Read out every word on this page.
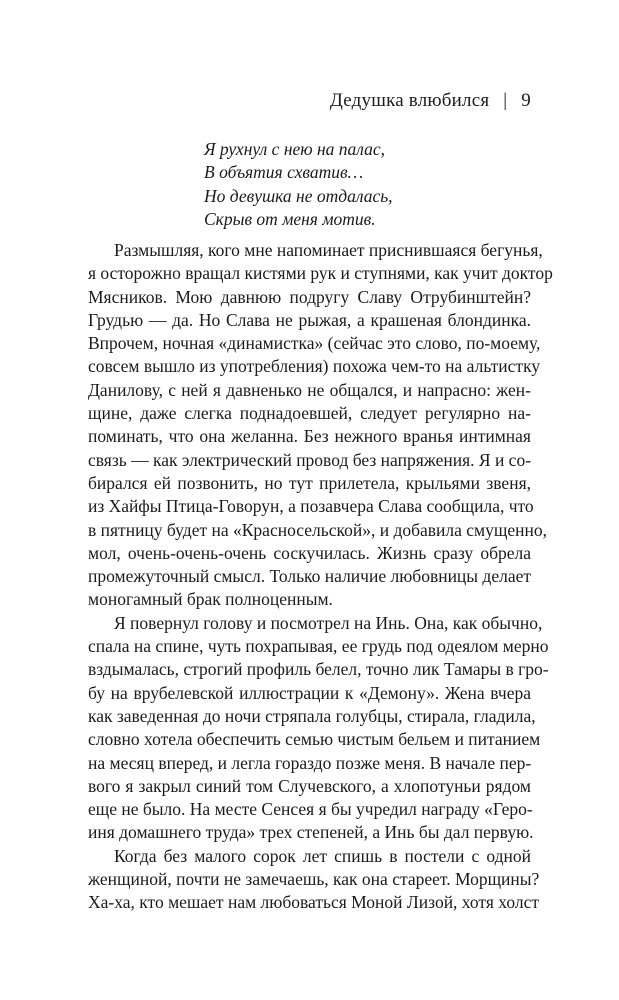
Дедушка влюбился | 9
Я рухнул с нею на палас,
В объятия схватив…
Но девушка не отдалась,
Скрыв от меня мотив.
Размышляя, кого мне напоминает приснившаяся бегунья,
я осторожно вращал кистями рук и ступнями, как учит доктор
Мясников. Мою давнюю подругу Славу Отрубинштейн?
Грудью — да. Но Слава не рыжая, а крашеная блондинка.
Впрочем, ночная «динамистка» (сейчас это слово, по-моему,
совсем вышло из употребления) похожа чем-то на альтистку
Данилову, с ней я давненько не общался, и напрасно: жен-
щине, даже слегка поднадоевшей, следует регулярно на-
поминать, что она желанна. Без нежного вранья интимная
связь — как электрический провод без напряжения. Я и со-
бирался ей позвонить, но тут прилетела, крыльями звеня,
из Хайфы Птица-Говорун, а позавчера Слава сообщила, что
в пятницу будет на «Красносельской», и добавила смущенно,
мол, очень-очень-очень соскучилась. Жизнь сразу обрела
промежуточный смысл. Только наличие любовницы делает
моногамный брак полноценным.
Я повернул голову и посмотрел на Инь. Она, как обычно,
спала на спине, чуть похрапывая, ее грудь под одеялом мерно
вздымалась, строгий профиль белел, точно лик Тамары в гро-
бу на врубелевской иллюстрации к «Демону». Жена вчера
как заведенная до ночи стряпала голубцы, стирала, гладила,
словно хотела обеспечить семью чистым бельем и питанием
на месяц вперед, и легла гораздо позже меня. В начале пер-
вого я закрыл синий том Случевского, а хлопотуньи рядом
еще не было. На месте Сенсея я бы учредил награду «Геро-
иня домашнего труда» трех степеней, а Инь бы дал первую.
Когда без малого сорок лет спишь в постели с одной
женщиной, почти не замечаешь, как она стареет. Морщины?
Ха-ха, кто мешает нам любоваться Моной Лизой, хотя холст
